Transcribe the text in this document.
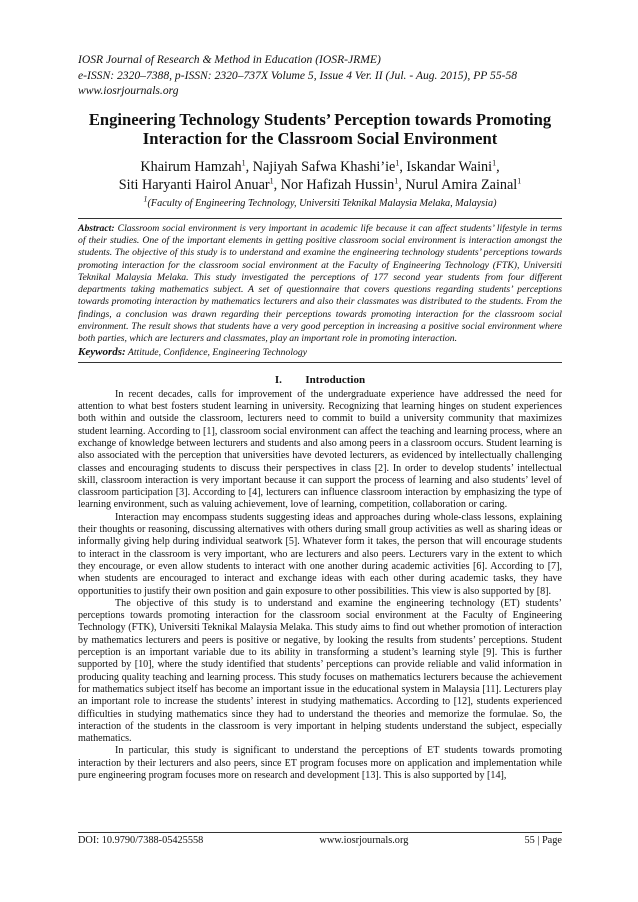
IOSR Journal of Research & Method in Education (IOSR-JRME)
e-ISSN: 2320–7388, p-ISSN: 2320–737X Volume 5, Issue 4 Ver. II (Jul. - Aug. 2015), PP 55-58
www.iosrjournals.org
Engineering Technology Students’ Perception towards Promoting
Interaction for the Classroom Social Environment
Khairum Hamzah$^1$, Najiyah Safwa $Khashi’ie^1$, Iskandar Waini$^1$,
Siti Haryanti Hairol Anuar$^1$, Nor Hafizah Hussin$^1$, Nurul Amira Zainal$^1$
$^1$(Faculty of Engineering Technology, Universiti Teknikal Malaysia Melaka, Malaysia)
Abstract: Classroom social environment is very important in academic life because it can affect students’ lifestyle in terms of their studies. One of the important elements in getting positive classroom social environment is interaction amongst the students. The objective of this study is to understand and examine the engineering technology students’ perceptions towards promoting interaction for the classroom social environment at the Faculty of Engineering Technology (FTK), Universiti Teknikal Malaysia Melaka. This study investigated the perceptions of 177 second year students from four different departments taking mathematics subject. A set of questionnaire that covers questions regarding students’ perceptions towards promoting interaction by mathematics lecturers and also their classmates was distributed to the students. From the findings, a conclusion was drawn regarding their perceptions towards promoting interaction for the classroom social environment. The result shows that students have a very good perception in increasing a positive social environment where both parties, which are lecturers and classmates, play an important role in promoting interaction.
Keywords: Attitude, Confidence, Engineering Technology
I. Introduction

In recent decades, calls for improvement of the undergraduate experience have addressed the need for attention to what best fosters student learning in university. Recognizing that learning hinges on student experiences both within and outside the classroom, lecturers need to commit to build a university community that maximizes student learning. According to [1], classroom social environment can affect the teaching and learning process, where an exchange of knowledge between lecturers and students and also among peers in a classroom occurs. Student learning is also associated with the perception that universities have devoted lecturers, as evidenced by intellectually challenging classes and encouraging students to discuss their perspectives in class [2]. In order to develop students’ intellectual skill, classroom interaction is very important because it can support the process of learning and also students’ level of classroom participation [3]. According to [4], lecturers can influence classroom interaction by emphasizing the type of learning environment, such as valuing achievement, love of learning, competition, collaboration or caring.

Interaction may encompass students suggesting ideas and approaches during whole-class lessons, explaining their thoughts or reasoning, discussing alternatives with others during small group activities as well as sharing ideas or informally giving help during individual seatwork [5]. Whatever form it takes, the person that will encourage students to interact in the classroom is very important, who are lecturers and also peers. Lecturers vary in the extent to which they encourage, or even allow students to interact with one another during academic activities [6]. According to [7], when students are encouraged to interact and exchange ideas with each other during academic tasks, they have opportunities to justify their own position and gain exposure to other possibilities. This view is also supported by [8].

The objective of this study is to understand and examine the engineering technology (ET) students’ perceptions towards promoting interaction for the classroom social environment at the Faculty of Engineering Technology (FTK), Universiti Teknikal Malaysia Melaka. This study aims to find out whether promotion of interaction by mathematics lecturers and peers is positive or negative, by looking the results from students’ perceptions. Student perception is an important variable due to its ability in transforming a student’s learning style [9]. This is further supported by [10], where the study identified that students’ perceptions can provide reliable and valid information in producing quality teaching and learning process. This study focuses on mathematics lecturers because the achievement for mathematics subject itself has become an important issue in the educational system in Malaysia [11]. Lecturers play an important role to increase the students’ interest in studying mathematics. According to [12], students experienced difficulties in studying mathematics since they had to understand the theories and memorize the formulae. So, the interaction of the students in the classroom is very important in helping students understand the subject, especially mathematics.

In particular, this study is significant to understand the perceptions of ET students towards promoting interaction by their lecturers and also peers, since ET program focuses more on application and implementation while pure engineering program focuses more on research and development [13]. This is also supported by [14],

DOI: 10.9790/7388-05425558	www.iosrjournals.org	55 | Page
